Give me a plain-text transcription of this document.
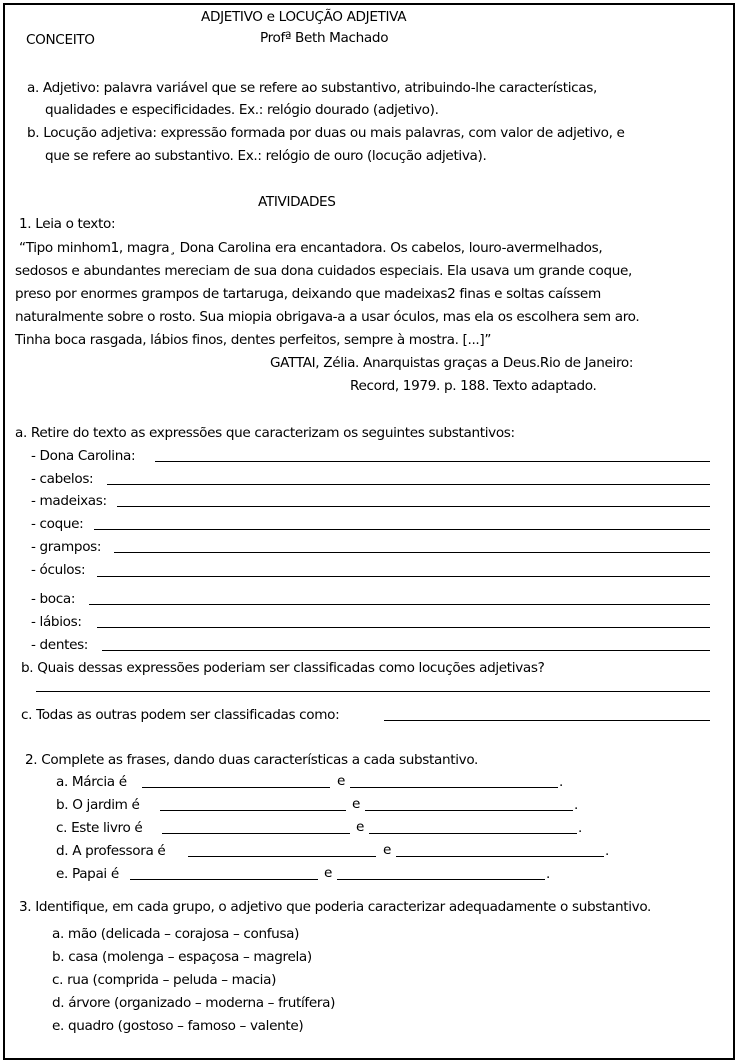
ADJETIVO e LOCUÇÃO ADJETIVA
CONCEITO	Profª Beth Machado
a. Adjetivo: palavra variável que se refere ao substantivo, atribuindo-lhe características,
qualidades e especificidades. Ex.: relógio dourado (adjetivo).
b. Locução adjetiva: expressão formada por duas ou mais palavras, com valor de adjetivo, e
que se refere ao substantivo. Ex.: relógio de ouro (locução adjetiva).
ATIVIDADES
1. Leia o texto:
“Tipo minhom1, magra¸ Dona Carolina era encantadora. Os cabelos, louro-avermelhados,
sedosos e abundantes mereciam de sua dona cuidados especiais. Ela usava um grande coque,
preso por enormes grampos de tartaruga, deixando que madeixas2 finas e soltas caíssem
naturalmente sobre o rosto. Sua miopia obrigava-a a usar óculos, mas ela os escolhera sem aro.
Tinha boca rasgada, lábios finos, dentes perfeitos, sempre à mostra. [...]”
GATTAI, Zélia. Anarquistas graças a Deus.Rio de Janeiro:
Record, 1979. p. 188. Texto adaptado.
a. Retire do texto as expressões que caracterizam os seguintes substantivos:
- Dona Carolina:
- cabelos:
- madeixas:
- coque:
- grampos:
- óculos:
- boca:
- lábios:
- dentes:
b. Quais dessas expressões poderiam ser classificadas como locuções adjetivas?
c. Todas as outras podem ser classificadas como:
2. Complete as frases, dando duas características a cada substantivo.
a. Márcia é	e	.
b. O jardim é	e	.
c. Este livro é	e	.
d. A professora é	e	.
e. Papai é	e	.
3. Identifique, em cada grupo, o adjetivo que poderia caracterizar adequadamente o substantivo.
a. mão (delicada – corajosa – confusa)
b. casa (molenga – espaçosa – magrela)
c. rua (comprida – peluda – macia)
d. árvore (organizado – moderna – frutífera)
e. quadro (gostoso – famoso – valente)
